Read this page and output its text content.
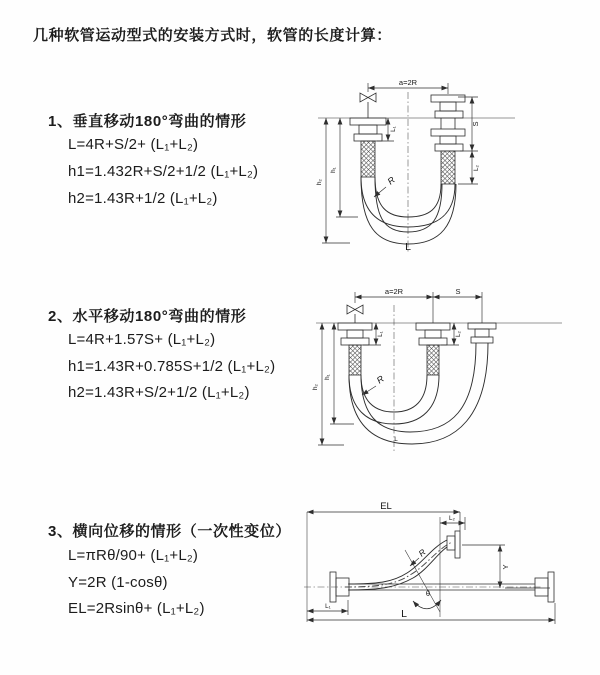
几种软管运动型式的安装方式时，软管的长度计算：
1、垂直移动180°弯曲的情形
L=4R+S/2+ (L₁+L₂)
h1=1.432R+S/2+1/2 (L₁+L₂)
h2=1.43R+1/2 (L₁+L₂)
2、水平移动180°弯曲的情形
L=4R+1.57S+ (L₁+L₂)
h1=1.43R+0.785S+1/2 (L₁+L₂)
h2=1.43R+S/2+1/2 (L₁+L₂)
3、横向位移的情形（一次性变位）
L=πRθ/90+ (L₁+L₂)
Y=2R (1-cosθ)
EL=2Rsinθ+ (L₁+L₂)
a=2R
h₂
h₁
L₁
S
L₂
R
L
a=2R	S
L₁	L₂
h₂
h₁	R
L
EL
L₂
θ
Y
R
L₁
L
